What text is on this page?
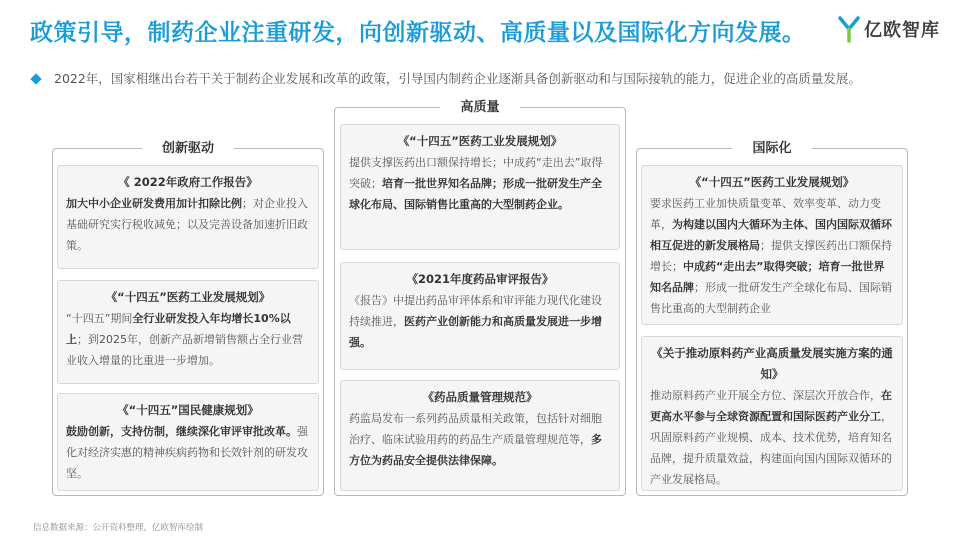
政策引导，制药企业注重研发，向创新驱动、高质量以及国际化方向发展。	亿欧智库

2022年，国家相继出台若干关于制药企业发展和改革的政策，引导国内制药企业逐渐具备创新驱动和与国际接轨的能力，促进企业的高质量发展。

创新驱动
《 2022年政府工作报告》
加大中小企业研发费用加计扣除比例；对企业投入基础研究实行税收减免；以及完善设备加速折旧政策。
《“十四五”医药工业发展规划》
“十四五”期间全行业研发投入年均增长10%以上；到2025年，创新产品新增销售额占全行业营业收入增量的比重进一步增加。
《“十四五”国民健康规划》
鼓励创新，支持仿制，继续深化审评审批改革。强化对经济实惠的精神疾病药物和长效针剂的研发攻坚。
高质量
《“十四五”医药工业发展规划》
提供支撑医药出口额保持增长；中成药“走出去”取得突破；培育一批世界知名品牌；形成一批研发生产全球化布局、国际销售比重高的大型制药企业。
《2021年度药品审评报告》
《报告》中提出药品审评体系和审评能力现代化建设持续推进，医药产业创新能力和高质量发展进一步增强。
《药品质量管理规范》
药监局发布一系列药品质量相关政策，包括针对细胞治疗、临床试验用药的药品生产质量管理规范等，多方位为药品安全提供法律保障。
国际化
《“十四五”医药工业发展规划》
要求医药工业加快质量变革、效率变革、动力变革，为构建以国内大循环为主体、国内国际双循环相互促进的新发展格局；提供支撑医药出口额保持增长；中成药“走出去”取得突破；培育一批世界知名品牌；形成一批研发生产全球化布局、国际销售比重高的大型制药企业
《关于推动原料药产业高质量发展实施方案的通知》
推动原料药产业开展全方位、深层次开放合作，在更高水平参与全球资源配置和国际医药产业分工，巩固原料药产业规模、成本、技术优势，培育知名品牌，提升质量效益，构建面向国内国际双循环的产业发展格局。
信息数据来源：公开资料整理，亿欧智库绘制
